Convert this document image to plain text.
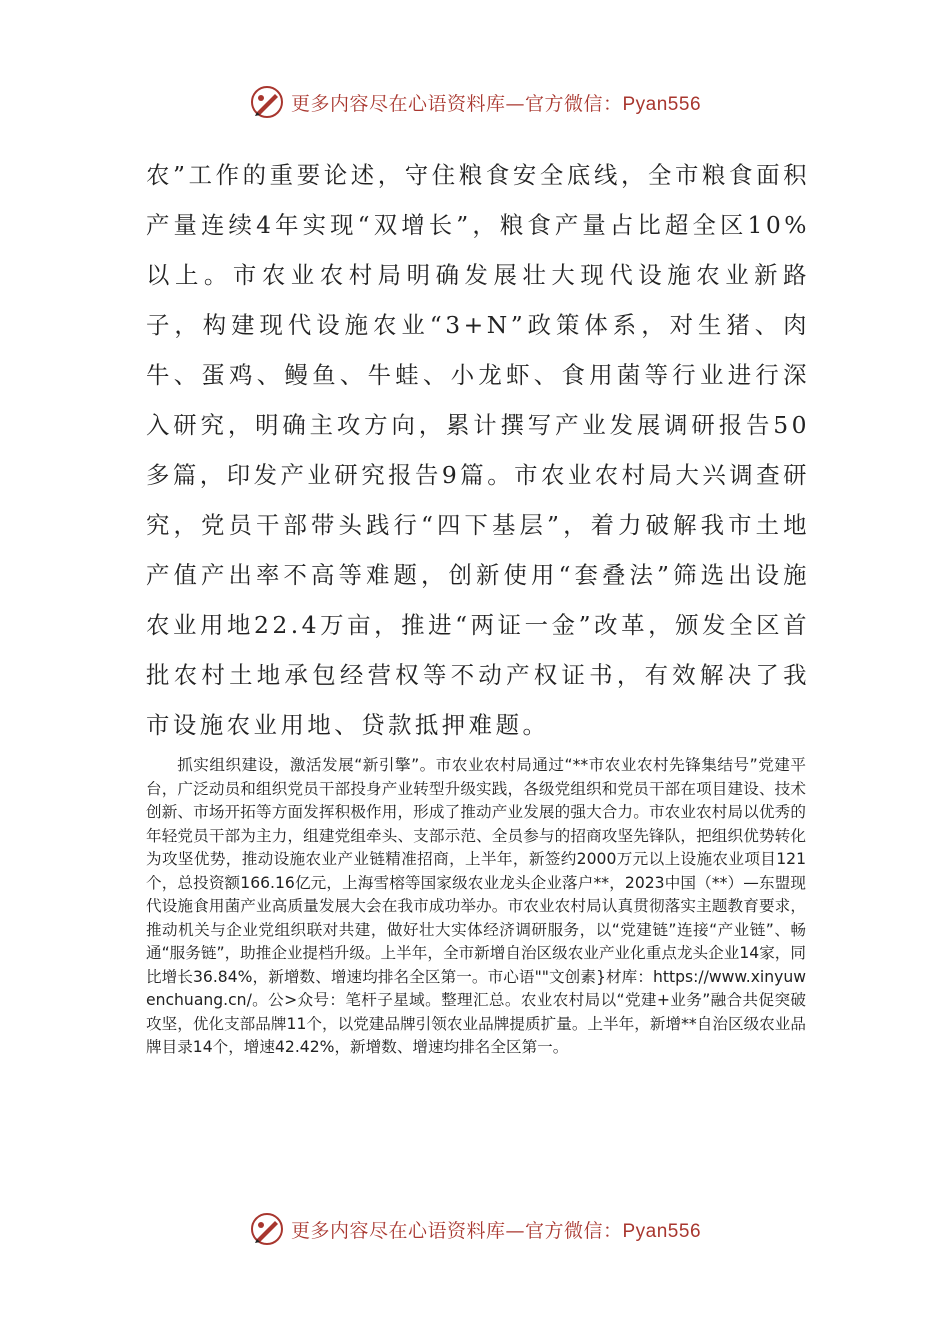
更多内容尽在心语资料库—官方微信：Pyan556

农”工作的重要论述，守住粮食安全底线，全市粮食面积产量连续4年实现“双增长”，粮食产量占比超全区10%以上。市农业农村局明确发展壮大现代设施农业新路子，构建现代设施农业“3+N”政策体系，对生猪、肉牛、蛋鸡、鳗鱼、牛蛙、小龙虾、食用菌等行业进行深入研究，明确主攻方向，累计撰写产业发展调研报告50多篇，印发产业研究报告9篇。市农业农村局大兴调查研究，党员干部带头践行“四下基层”，着力破解我市土地产值产出率不高等难题，创新使用“套叠法”筛选出设施农业用地22.4万亩，推进“两证一金”改革，颁发全区首批农村土地承包经营权等不动产权证书，有效解决了我市设施农业用地、贷款抵押难题。

抓实组织建设，激活发展“新引擎”。市农业农村局通过“**市农业农村先锋集结号”党建平台，广泛动员和组织党员干部投身产业转型升级实践，各级党组织和党员干部在项目建设、技术创新、市场开拓等方面发挥积极作用，形成了推动产业发展的强大合力。市农业农村局以优秀的年轻党员干部为主力，组建党组牵头、支部示范、全员参与的招商攻坚先锋队，把组织优势转化为攻坚优势，推动设施农业产业链精准招商，上半年，新签约2000万元以上设施农业项目121个，总投资额166.16亿元，上海雪榕等国家级农业龙头企业落户**，2023中国（**）—东盟现代设施食用菌产业高质量发展大会在我市成功举办。市农业农村局认真贯彻落实主题教育要求，推动机关与企业党组织联对共建，做好壮大实体经济调研服务，以“党建链”连接“产业链”、畅通“服务链”，助推企业提档升级。上半年，全市新增自治区级农业产业化重点龙头企业14家，同比增长36.84%，新增数、增速均排名全区第一。市心语""文创素}材库：https://www.xinyuwenchuang.cn/。公>众号：笔杆子星域。整理汇总。农业农村局以“党建+业务”融合共促突破攻坚，优化支部品牌11个，以党建品牌引领农业品牌提质扩量。上半年，新增**自治区级农业品牌目录14个，增速42.42%，新增数、增速均排名全区第一。

更多内容尽在心语资料库—官方微信：Pyan556
